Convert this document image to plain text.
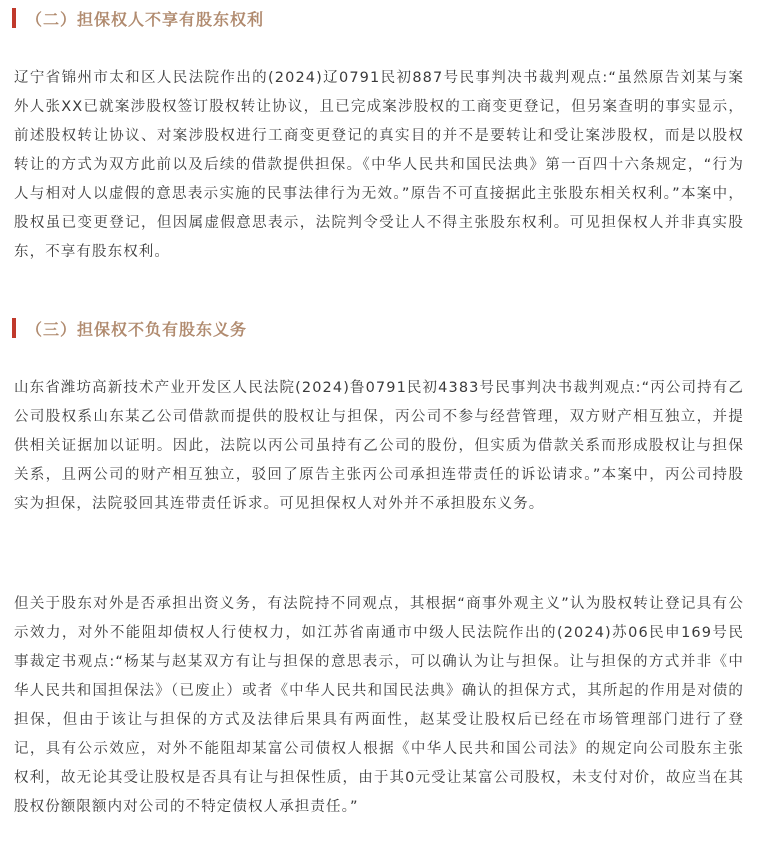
（二）担保权人不享有股东权利

辽宁省锦州市太和区人民法院作出的(2024)辽0791民初887号民事判决书裁判观点:“虽然原告刘某与案外人张XX已就案涉股权签订股权转让协议，且已完成案涉股权的工商变更登记，但另案查明的事实显示，前述股权转让协议、对案涉股权进行工商变更登记的真实目的并不是要转让和受让案涉股权，而是以股权转让的方式为双方此前以及后续的借款提供担保。《中华人民共和国民法典》第一百四十六条规定，“行为人与相对人以虚假的意思表示实施的民事法律行为无效。”原告不可直接据此主张股东相关权利。”本案中，股权虽已变更登记，但因属虚假意思表示，法院判令受让人不得主张股东权利。可见担保权人并非真实股东，不享有股东权利。

（三）担保权不负有股东义务

山东省潍坊高新技术产业开发区人民法院(2024)鲁0791民初4383号民事判决书裁判观点:“丙公司持有乙公司股权系山东某乙公司借款而提供的股权让与担保，丙公司不参与经营管理，双方财产相互独立，并提供相关证据加以证明。因此，法院以丙公司虽持有乙公司的股份，但实质为借款关系而形成股权让与担保关系，且两公司的财产相互独立，驳回了原告主张丙公司承担连带责任的诉讼请求。”本案中，丙公司持股实为担保，法院驳回其连带责任诉求。可见担保权人对外并不承担股东义务。

但关于股东对外是否承担出资义务，有法院持不同观点，其根据“商事外观主义”认为股权转让登记具有公示效力，对外不能阻却债权人行使权力，如江苏省南通市中级人民法院作出的(2024)苏06民申169号民事裁定书观点:“杨某与赵某双方有让与担保的意思表示，可以确认为让与担保。让与担保的方式并非《中华人民共和国担保法》（已废止）或者《中华人民共和国民法典》确认的担保方式，其所起的作用是对债的担保，但由于该让与担保的方式及法律后果具有两面性，赵某受让股权后已经在市场管理部门进行了登记，具有公示效应，对外不能阻却某富公司债权人根据《中华人民共和国公司法》的规定向公司股东主张权利，故无论其受让股权是否具有让与担保性质，由于其0元受让某富公司股权，未支付对价，故应当在其股权份额限额内对公司的不特定债权人承担责任。”
